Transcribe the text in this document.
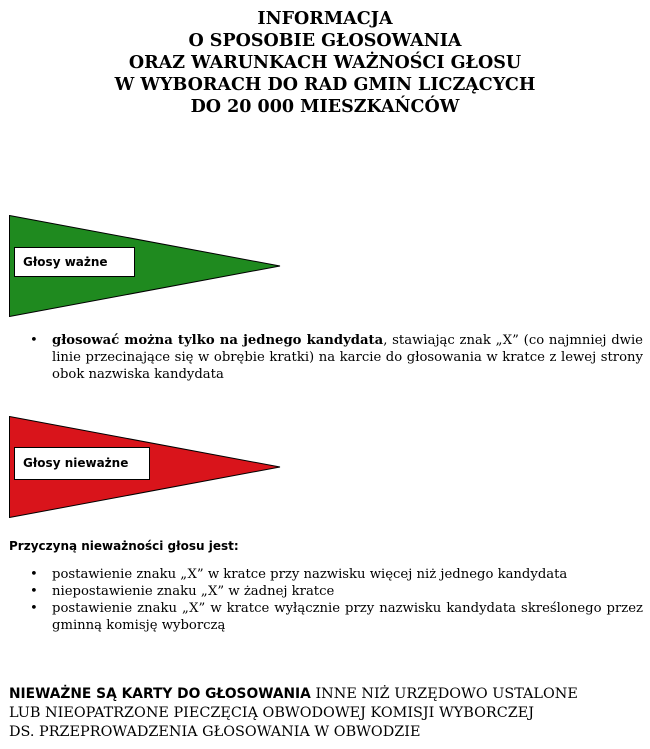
INFORMACJA
O SPOSOBIE GŁOSOWANIA
ORAZ WARUNKACH WAŻNOŚCI GŁOSU
W WYBORACH DO RAD GMIN LICZĄCYCH
DO 20 000 MIESZKAŃCÓW
Głosy ważne
• głosować można tylko na jednego kandydata, stawiając znak „X” (co najmniej dwie linie przecinające się w obrębie kratki) na karcie do głosowania w kratce z lewej strony obok nazwiska kandydata
Głosy nieważne
Przyczyną nieważności głosu jest:
• postawienie znaku „X” w kratce przy nazwisku więcej niż jednego kandydata
• niepostawienie znaku „X” w żadnej kratce
• postawienie znaku „X” w kratce wyłącznie przy nazwisku kandydata skreślonego przez gminną komisję wyborczą
NIEWAŻNE SĄ KARTY DO GŁOSOWANIA INNE NIŻ URZĘDOWO USTALONE
LUB NIEOPATRZONE PIECZĘCIĄ OBWODOWEJ KOMISJI WYBORCZEJ
DS. PRZEPROWADZENIA GŁOSOWANIA W OBWODZIE
